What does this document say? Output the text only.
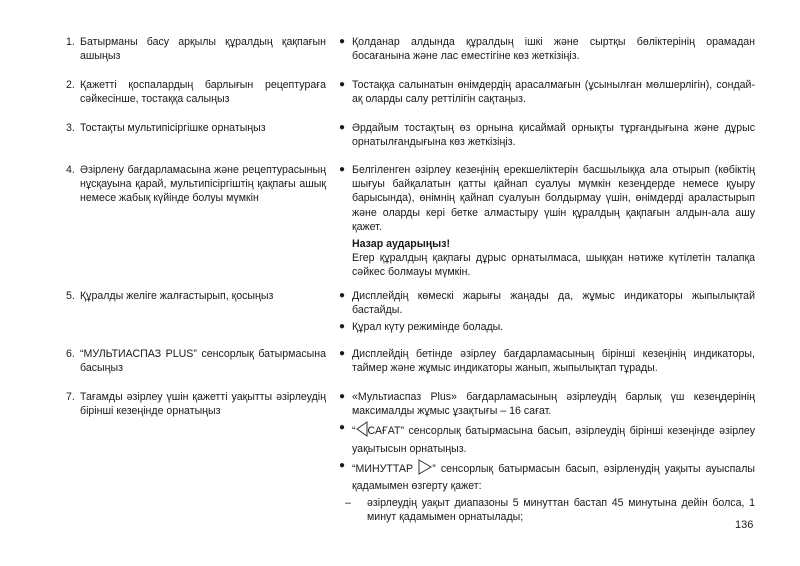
1. Батырманы басу арқылы құралдың қақпағын ашыңыз
● Қолданар алдында құралдың ішкі және сыртқы бөліктерінің орамадан босағанына және лас еместігіне көз жеткізіңіз.
2. Қажетті қоспалардың барлығын рецептураға сәйкесінше, тостаққа салыңыз
● Тостаққа салынатын өнімдердің арасалмағын (ұсынылған мөлшерлігін), сондай-ақ оларды салу реттілігін сақтаңыз.
3. Тостақты мультипісіргішке орнатыңыз	● Әрдайым тостақтың өз орнына қисаймай орнықты тұрғандығына және дұрыс орнатылғандығына көз жеткізіңіз.
4. Әзірлену бағдарламасына және рецептурасының нұсқауына қарай, мультипісіргіштің қақпағы ашық немесе жабық күйінде болуы мүмкін
● Белгіленген әзірлеу кезеңінің ерекшеліктерін басшылыққа ала отырып (көбіктің шығуы байқалатын қатты қайнап суалуы мүмкін кезеңдерде немесе қуыру барысында), өнімнің қайнап суалуын болдырмау үшін, өнімдерді араластырып және оларды кері бетке алмастыру үшін құралдың қақпағын алдын-ала ашу қажет.
Назар аударыңыз!
Егер құралдың қақпағы дұрыс орнатылмаса, шыққан нәтиже күтілетін талапқа сәйкес болмауы мүмкін.
5. Құралды желіге жалғастырып, қосыңыз	● Дисплейдің көмескі жарығы жаңады да, жұмыс индикаторы жыпылықтай бастайды.
● Құрал күту режимінде болады.
6. “МУЛЬТИАСПАЗ PLUS” сенсорлық батырмасына басыңыз
● Дисплейдің бетінде әзірлеу бағдарламасының бірінші кезеңінің индикаторы, таймер және жұмыс индикаторы жанып, жыпылықтап тұрады.
7. Тағамды әзірлеу үшін қажетті уақытты әзірлеудің бірінші кезеңінде орнатыңыз
● «Мультиаспаз Plus» бағдарламасының әзірлеудің барлық үш кезеңдерінің максималды жұмыс ұзақтығы – 16 сағат.
● “ САҒАТ” сенсорлық батырмасына басып, әзірлеудің бірінші кезеңінде әзірлеу уақытысын орнатыңыз.
● “МИНУТТАР ” сенсорлық батырмасын басып, әзірленудің уақыты ауыспалы қадамымен өзгерту қажет:
– әзірлеудің уақыт диапазоны 5 минуттан бастап 45 минутына дейін болса, 1 минут қадамымен орнатылады;
136
